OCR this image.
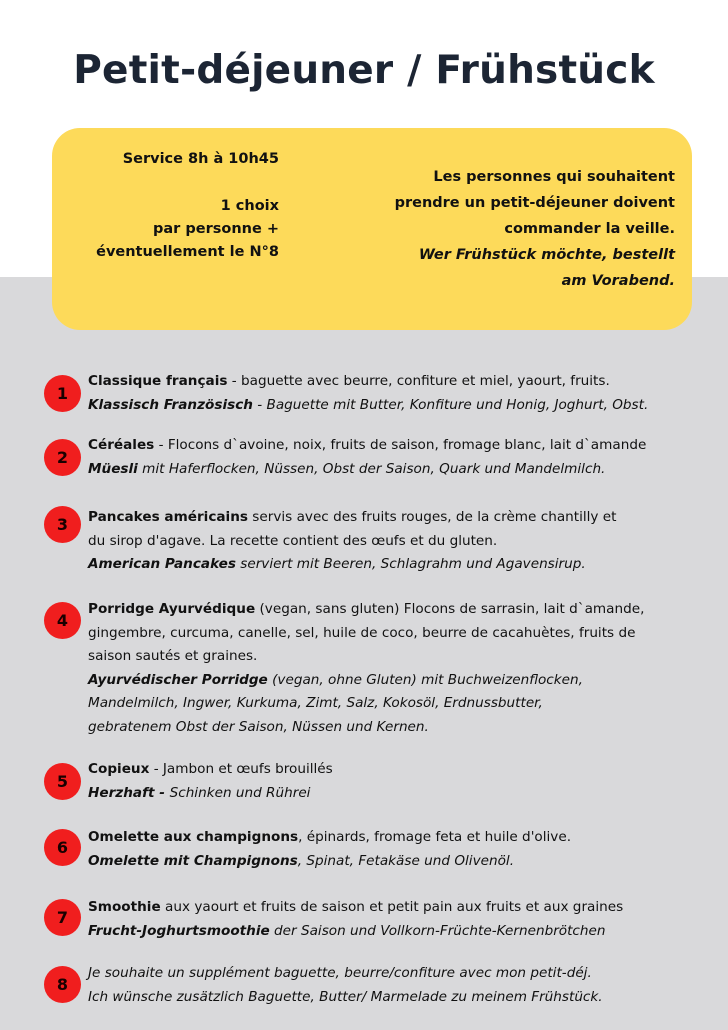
Petit-déjeuner / Frühstück
Service 8h à 10h45
1 choix
par personne +
éventuellement le N°8
Les personnes qui souhaitent
prendre un petit-déjeuner doivent
commander la veille.
Wer Frühstück möchte, bestellt
am Vorabend.
1
Classique français - baguette avec beurre, confiture et miel, yaourt, fruits.
Klassisch Französisch - Baguette mit Butter, Konfiture und Honig, Joghurt, Obst.
2
Céréales - Flocons d`avoine, noix, fruits de saison, fromage blanc, lait d`amande
Müesli mit Haferflocken, Nüssen, Obst der Saison, Quark und Mandelmilch.
3	Pancakes américains servis avec des fruits rouges, de la crème chantilly et
du sirop d'agave. La recette contient des œufs et du gluten.
American Pancakes serviert mit Beeren, Schlagrahm und Agavensirup.
4
Porridge Ayurvédique (vegan, sans gluten) Flocons de sarrasin, lait d`amande,
gingembre, curcuma, canelle, sel, huile de coco, beurre de cacahuètes, fruits de
saison sautés et graines.
Ayurvédischer Porridge (vegan, ohne Gluten) mit Buchweizenflocken,
Mandelmilch, Ingwer, Kurkuma, Zimt, Salz, Kokosöl, Erdnussbutter,
gebratenem Obst der Saison, Nüssen und Kernen.
5
Copieux - Jambon et œufs brouillés
Herzhaft - Schinken und Rührei
6
Omelette aux champignons, épinards, fromage feta et huile d'olive.
Omelette mit Champignons, Spinat, Fetakäse und Olivenöl.
7
Smoothie aux yaourt et fruits de saison et petit pain aux fruits et aux graines
Frucht-Joghurtsmoothie der Saison und Vollkorn-Früchte-Kernenbrötchen
8
Je souhaite un supplément baguette, beurre/confiture avec mon petit-déj.
Ich wünsche zusätzlich Baguette, Butter/ Marmelade zu meinem Frühstück.
